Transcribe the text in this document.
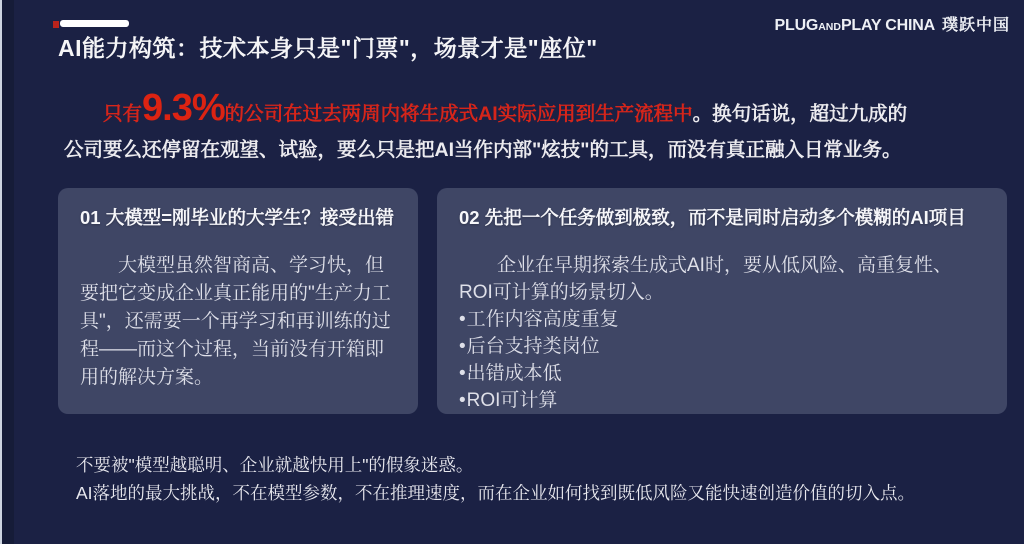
AI能力构筑：技术本身只是"门票"，场景才是"座位"
PLUGANDPLAY CHINA 璞跃中国
只有9.3%的公司在过去两周内将生成式AI实际应用到生产流程中。换句话说，超过九成的
公司要么还停留在观望、试验，要么只是把AI当作内部"炫技"的工具，而没有真正融入日常业务。
01 大模型=刚毕业的大学生？接受出错
大模型虽然智商高、学习快，但要把它变成企业真正能用的"生产力工具"，还需要一个再学习和再训练的过程——而这个过程，当前没有开箱即用的解决方案。
02 先把一个任务做到极致，而不是同时启动多个模糊的AI项目
企业在早期探索生成式AI时，要从低风险、高重复性、ROI可计算的场景切入。
• 工作内容高度重复
• 后台支持类岗位
• 出错成本低
• ROI可计算
不要被"模型越聪明、企业就越快用上"的假象迷惑。
AI落地的最大挑战，不在模型参数，不在推理速度，而在企业如何找到既低风险又能快速创造价值的切入点。
